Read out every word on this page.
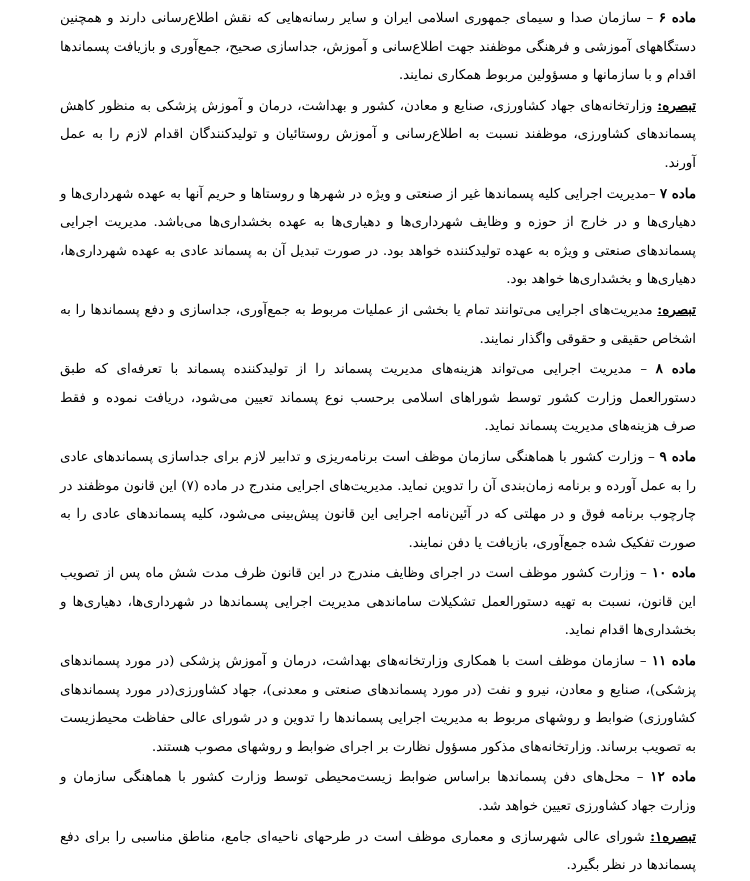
ماده ۶ – سازمان صدا و سیمای جمهوری اسلامی ایران و سایر رسانه‌هایی که نقش اطلاع‌رسانی دارند و همچنین دستگاههای آموزشی و فرهنگی موظفند جهت اطلاع‌سانی و آموزش، جداسازی صحیح، جمع‌آوری و بازیافت پسماندها اقدام و با سازمانها و مسؤولین مربوط همکاری نمایند.

تبصره: وزارتخانه‌های جهاد کشاورزی، صنایع و معادن، کشور و بهداشت، درمان و آموزش پزشکی به منظور کاهش پسماندهای کشاورزی، موظفند نسبت به اطلاع‌رسانی و آموزش روستائیان و تولیدکنندگان اقدام لازم را به عمل آورند.

ماده ۷ –مدیریت اجرایی کلیه پسماندها غیر از صنعتی و ویژه در شهرها و روستاها و حریم آنها به عهده شهرداری‌ها و دهیاری‌ها و در خارج از حوزه و وظایف شهرداری‌ها و دهیاری‌ها به عهده بخشداری‌ها می‌باشد. مدیریت اجرایی پسماندهای صنعتی و ویژه به عهده تولیدکننده خواهد بود. در صورت تبدیل آن به پسماند عادی به عهده شهرداری‌ها، دهیاری‌ها و بخشداری‌ها خواهد بود.

تبصره: مدیریت‌های اجرایی می‌توانند تمام یا بخشی از عملیات مربوط به جمع‌آوری، جداسازی و دفع پسماندها را به اشخاص حقیقی و حقوقی واگذار نمایند.

ماده ۸ – مدیریت اجرایی می‌تواند هزینه‌های مدیریت پسماند را از تولیدکننده پسماند با تعرفه‌ای که طبق دستورالعمل وزارت کشور توسط شوراهای اسلامی برحسب نوع پسماند تعیین می‌شود، دریافت نموده و فقط صرف هزینه‌های مدیریت پسماند نماید.

ماده ۹ – وزارت کشور با هماهنگی سازمان موظف است برنامه‌ریزی و تدابیر لازم برای جداسازی پسماندهای عادی را به عمل آورده و برنامه زمان‌بندی آن را تدوین نماید. مدیریت‌های اجرایی مندرج در ماده (۷) این قانون موظفند در چارچوب برنامه فوق و در مهلتی که در آئین‌نامه اجرایی این قانون پیش‌بینی می‌شود، کلیه پسماندهای عادی را به صورت تفکیک شده جمع‌آوری، بازیافت یا دفن نمایند.

ماده ۱۰ – وزارت کشور موظف است در اجرای وظایف مندرج در این قانون ظرف مدت شش ماه پس از تصویب این قانون، نسبت به تهیه دستورالعمل تشکیلات ساماندهی مدیریت اجرایی پسماندها در شهرداری‌ها، دهیاری‌ها و بخشداری‌ها اقدام نماید.

ماده ۱۱ – سازمان موظف است با همکاری وزارتخانه‌های بهداشت، درمان و آموزش پزشکی (در مورد پسماندهای پزشکی)، صنایع و معادن، نیرو و نفت (در مورد پسماندهای صنعتی و معدنی)، جهاد کشاورزی(در مورد پسماندهای کشاورزی) ضوابط و روشهای مربوط به مدیریت اجرایی پسماندها را تدوین و در شورای عالی حفاظت محیط‌زیست به تصویب برساند. وزارتخانه‌های مذکور مسؤول نظارت بر اجرای ضوابط و روشهای مصوب هستند.

ماده ۱۲ – محل‌های دفن پسماندها براساس ضوابط زیست‌محیطی توسط وزارت کشور با هماهنگی سازمان و وزارت جهاد کشاورزی تعیین خواهد شد.

تبصره۱: شورای عالی شهرسازی و معماری موظف است در طرحهای ناحیه‌ای جامع، مناطق مناسبی را برای دفع پسماندها در نظر بگیرد.
